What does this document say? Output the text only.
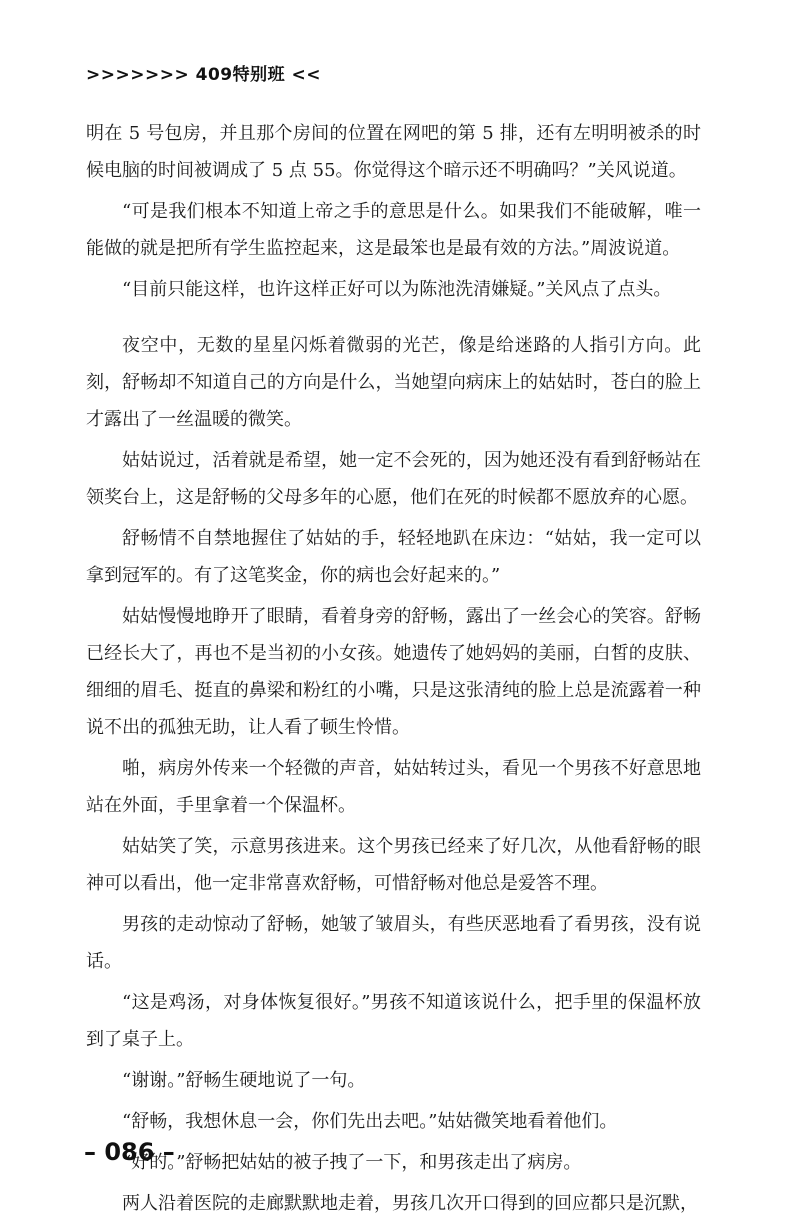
>>>>>>> 409特别班 <<

明在 5 号包房，并且那个房间的位置在网吧的第 5 排，还有左明明被杀的时候电脑的时间被调成了 5 点 55。你觉得这个暗示还不明确吗？”关风说道。

“可是我们根本不知道上帝之手的意思是什么。如果我们不能破解，唯一能做的就是把所有学生监控起来，这是最笨也是最有效的方法。”周波说道。

“目前只能这样，也许这样正好可以为陈池洗清嫌疑。”关风点了点头。

夜空中，无数的星星闪烁着微弱的光芒，像是给迷路的人指引方向。此刻，舒畅却不知道自己的方向是什么，当她望向病床上的姑姑时，苍白的脸上才露出了一丝温暖的微笑。

姑姑说过，活着就是希望，她一定不会死的，因为她还没有看到舒畅站在领奖台上，这是舒畅的父母多年的心愿，他们在死的时候都不愿放弃的心愿。

舒畅情不自禁地握住了姑姑的手，轻轻地趴在床边：“姑姑，我一定可以拿到冠军的。有了这笔奖金，你的病也会好起来的。”

姑姑慢慢地睁开了眼睛，看着身旁的舒畅，露出了一丝会心的笑容。舒畅已经长大了，再也不是当初的小女孩。她遗传了她妈妈的美丽，白皙的皮肤、细细的眉毛、挺直的鼻梁和粉红的小嘴，只是这张清纯的脸上总是流露着一种说不出的孤独无助，让人看了顿生怜惜。

啪，病房外传来一个轻微的声音，姑姑转过头，看见一个男孩不好意思地站在外面，手里拿着一个保温杯。

姑姑笑了笑，示意男孩进来。这个男孩已经来了好几次，从他看舒畅的眼神可以看出，他一定非常喜欢舒畅，可惜舒畅对他总是爱答不理。

男孩的走动惊动了舒畅，她皱了皱眉头，有些厌恶地看了看男孩，没有说话。

“这是鸡汤，对身体恢复很好。”男孩不知道该说什么，把手里的保温杯放到了桌子上。

“谢谢。”舒畅生硬地说了一句。

“舒畅，我想休息一会，你们先出去吧。”姑姑微笑地看着他们。

“好的。”舒畅把姑姑的被子拽了一下，和男孩走出了病房。

两人沿着医院的走廊默默地走着，男孩几次开口得到的回应都只是沉默，

– 086 –
